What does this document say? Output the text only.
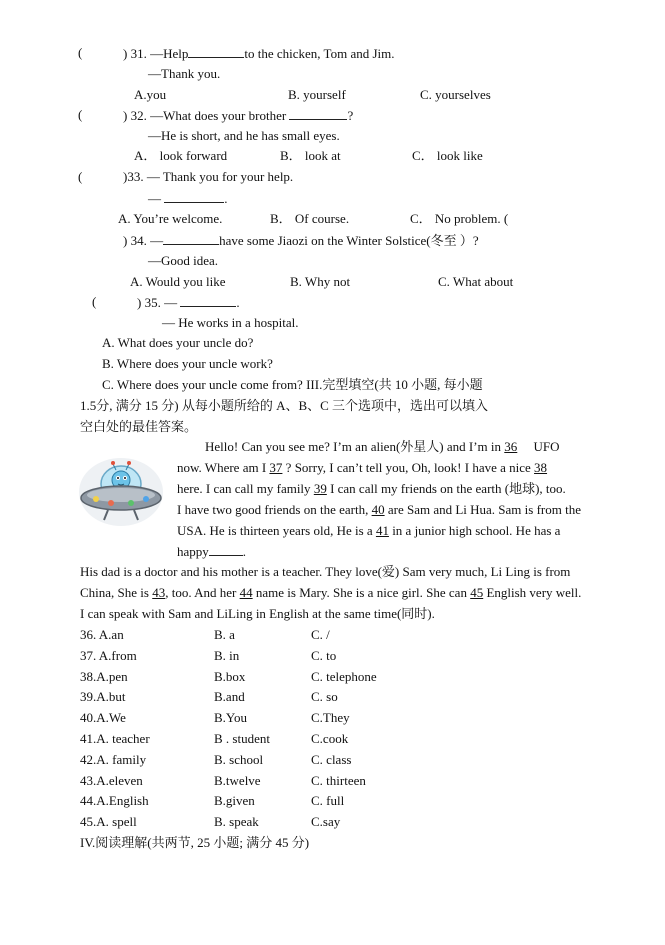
(	) 31. —Help	to the chicken, Tom and Jim.
—Thank you.
A.you	B. yourself	C. yourselves
(	) 32. —What does your brother	?
—He is short, and he has small eyes.
A． look forward	B． look at	C． look like
(	)33. — Thank you for your help.
—	.
A. You’re welcome.	B． Of course.	C． No problem. (
) 34. —	have some Jiaozi on the Winter Solstice(冬至 ）?
—Good idea.
A. Would you like	B. Why not	C. What about
(	) 35. —	.
— He works in a hospital.
A. What does your uncle do?
B. Where does your uncle work?
C. Where does your uncle come from? III.完型填空(共 10 小题, 每小题
1.5分, 满分 15 分) 从每小题所给的 A、B、C 三个选项中，选出可以填入
空白处的最佳答案。
Hello! Can you see me? I’m an alien(外星人) and I’m in 36 UFO
now. Where am I 37 ? Sorry, I can’t tell you, Oh, look! I have a nice 38
here. I can call my family 39 I can call my friends on the earth (地球), too.
I have two good friends on the earth, 40 are Sam and Li Hua. Sam is from the
USA. He is thirteen years old, He is a 41 in a junior high school. He has a
happy	.
His dad is a doctor and his mother is a teacher. They love(爱) Sam very much, Li Ling is from
China, She is 43, too. And her 44 name is Mary. She is a nice girl. She can 45 English very well.
I can speak with Sam and LiLing in English at the same time(同时).
36. A.an	B. a	C. /
37. A.from	B. in	C. to
38.A.pen	B.box	C. telephone
39.A.but	B.and	C. so
40.A.We	B.You	C.They
41.A. teacher	B . student	C.cook
42.A. family	B. school	C. class
43.A.eleven	B.twelve	C. thirteen
44.A.English	B.given	C. full
45.A. spell	B. speak	C.say
IV.阅读理解(共两节, 25 小题; 满分 45 分)
